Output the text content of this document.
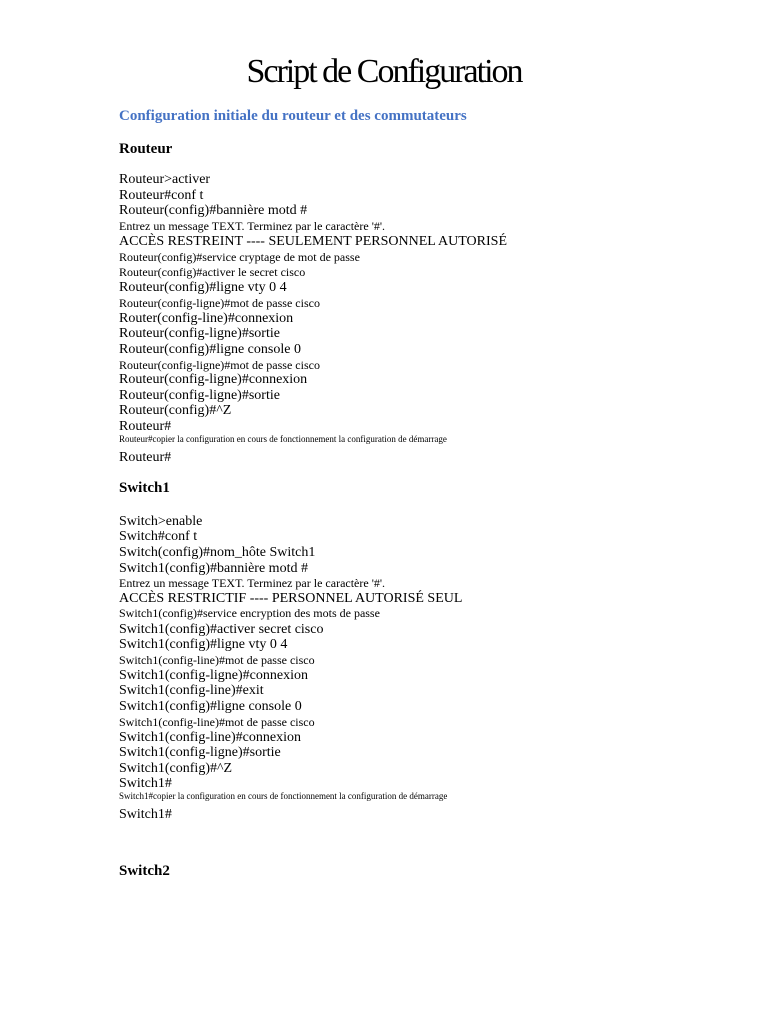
Script de Configuration
Configuration initiale du routeur et des commutateurs
Routeur
Routeur>activer
Routeur#conf t
Routeur(config)#bannière motd #
Entrez un message TEXT. Terminez par le caractère '#'.
ACCÈS RESTREINT ---- SEULEMENT PERSONNEL AUTORISÉ
Routeur(config)#service cryptage de mot de passe
Routeur(config)#activer le secret cisco
Routeur(config)#ligne vty 0 4
Routeur(config-ligne)#mot de passe cisco
Router(config-line)#connexion
Routeur(config-ligne)#sortie
Routeur(config)#ligne console 0
Routeur(config-ligne)#mot de passe cisco
Routeur(config-ligne)#connexion
Routeur(config-ligne)#sortie
Routeur(config)#^Z
Routeur#
Routeur#copier la configuration en cours de fonctionnement la configuration de démarrage
Routeur#
Switch1
Switch>enable
Switch#conf t
Switch(config)#nom_hôte Switch1
Switch1(config)#bannière motd #
Entrez un message TEXT. Terminez par le caractère '#'.
ACCÈS RESTRICTIF ---- PERSONNEL AUTORISÉ SEUL
Switch1(config)#service encryption des mots de passe
Switch1(config)#activer secret cisco
Switch1(config)#ligne vty 0 4
Switch1(config-line)#mot de passe cisco
Switch1(config-ligne)#connexion
Switch1(config-line)#exit
Switch1(config)#ligne console 0
Switch1(config-line)#mot de passe cisco
Switch1(config-line)#connexion
Switch1(config-ligne)#sortie
Switch1(config)#^Z
Switch1#
Switch1#copier la configuration en cours de fonctionnement la configuration de démarrage
Switch1#
Switch2
